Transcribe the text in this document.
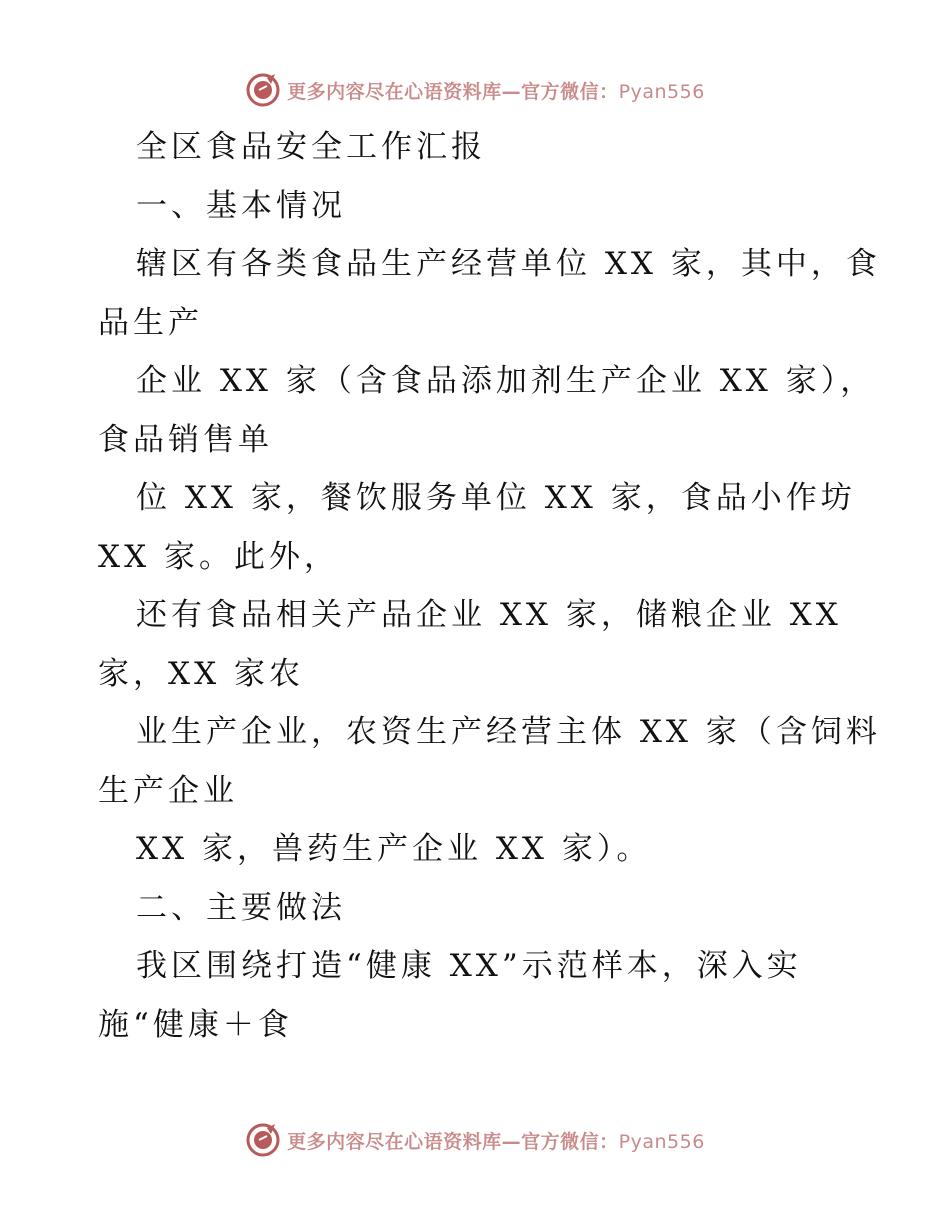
更多内容尽在心语资料库—官方微信：Pyan556
全区食品安全工作汇报
一、基本情况
辖区有各类食品生产经营单位 XX 家，其中，食
品生产
企业 XX 家（含食品添加剂生产企业 XX 家），
食品销售单
位 XX 家，餐饮服务单位 XX 家，食品小作坊
XX 家。此外，
还有食品相关产品企业 XX 家，储粮企业 XX
家，XX 家农
业生产企业，农资生产经营主体 XX 家（含饲料
生产企业
XX 家，兽药生产企业 XX 家）。
二、主要做法
我区围绕打造“健康 XX”示范样本，深入实
施“健康＋食
更多内容尽在心语资料库—官方微信：Pyan556
